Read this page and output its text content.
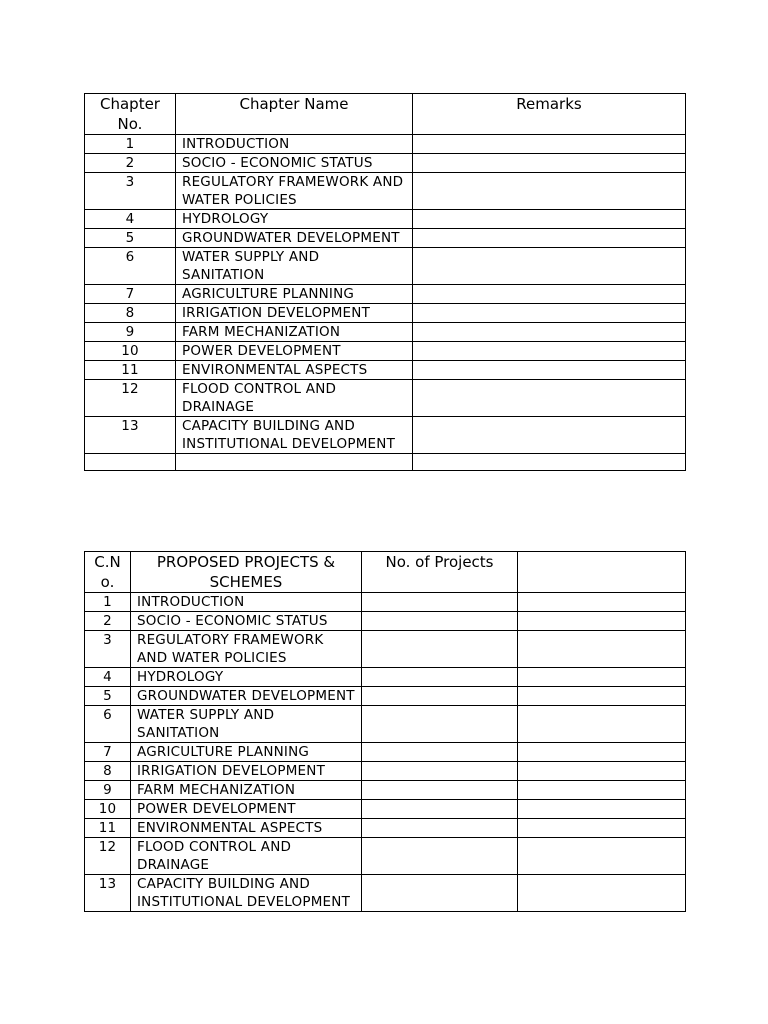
Chapter No.	Chapter Name	Remarks
1	INTRODUCTION	
2	SOCIO - ECONOMIC STATUS	
3	REGULATORY FRAMEWORK AND WATER POLICIES	
4	HYDROLOGY	
5	GROUNDWATER DEVELOPMENT	
6	WATER SUPPLY AND SANITATION	
7	AGRICULTURE PLANNING	
8	IRRIGATION DEVELOPMENT	
9	FARM MECHANIZATION	
10	POWER DEVELOPMENT	
11	ENVIRONMENTAL ASPECTS	
12	FLOOD CONTROL AND DRAINAGE	
13	CAPACITY BUILDING AND INSTITUTIONAL DEVELOPMENT	

C.No.	PROPOSED PROJECTS & SCHEMES	No. of Projects	
1	INTRODUCTION		
2	SOCIO - ECONOMIC STATUS		
3	REGULATORY FRAMEWORK AND WATER POLICIES		
4	HYDROLOGY		
5	GROUNDWATER DEVELOPMENT		
6	WATER SUPPLY AND SANITATION		
7	AGRICULTURE PLANNING		
8	IRRIGATION DEVELOPMENT		
9	FARM MECHANIZATION		
10	POWER DEVELOPMENT		
11	ENVIRONMENTAL ASPECTS		
12	FLOOD CONTROL AND DRAINAGE		
13	CAPACITY BUILDING AND INSTITUTIONAL DEVELOPMENT		
